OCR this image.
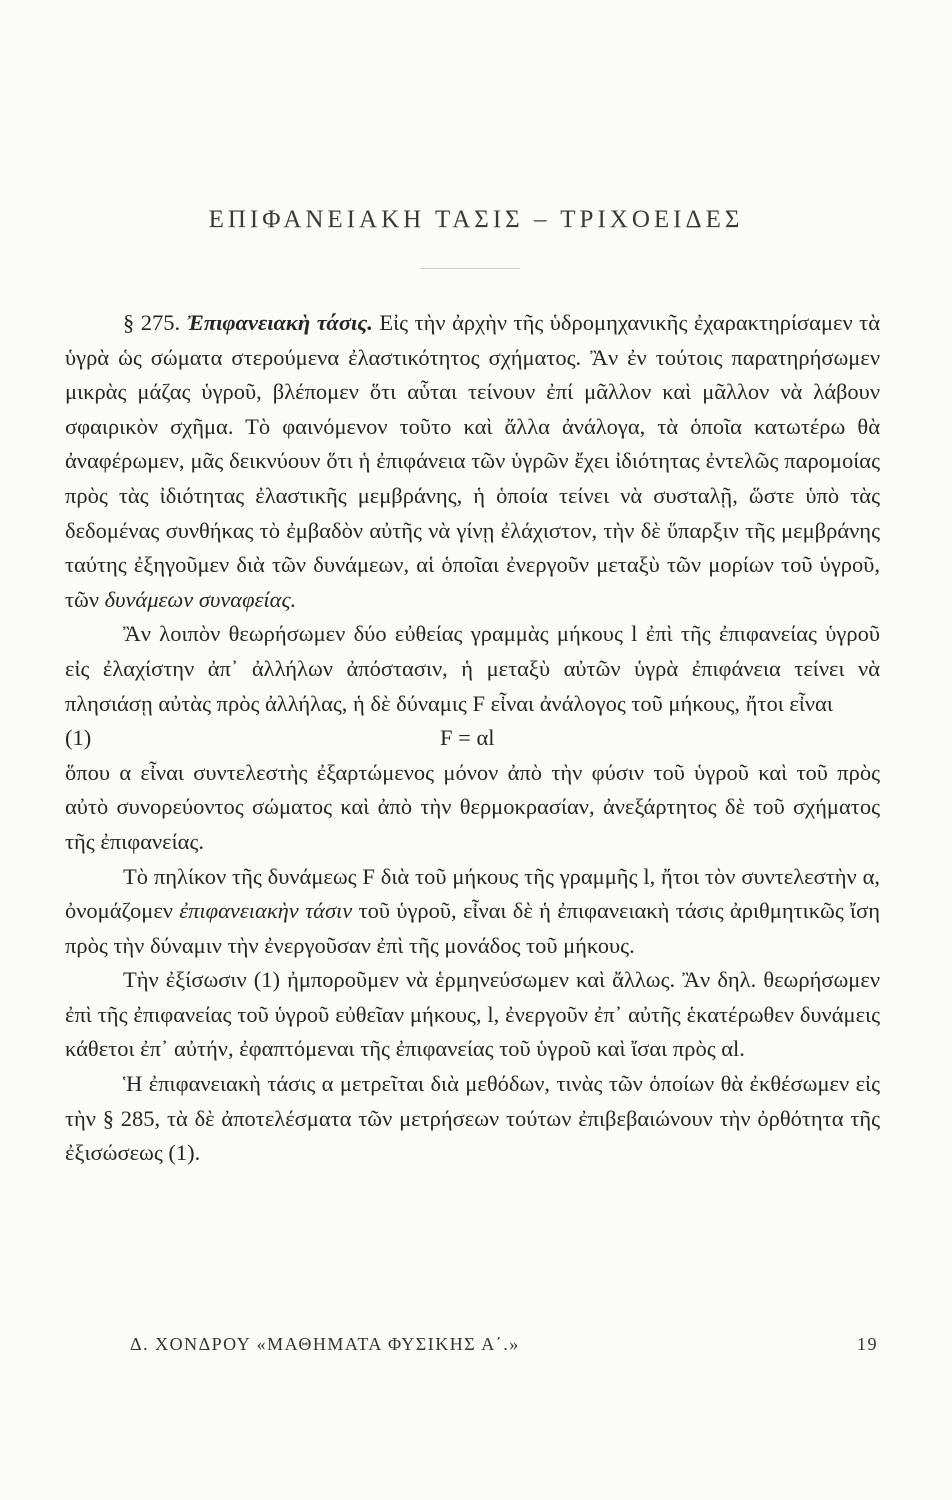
ΕΠΙΦΑΝΕΙΑΚΗ ΤΑΣΙΣ – ΤΡΙΧΟΕΙΔΕΣ

§ 275. Ἐπιφανειακὴ τάσις. Εἰς τὴν ἀρχὴν τῆς ὑδρομηχανικῆς ἐχαρακτηρίσαμεν τὰ ὑγρὰ ὡς σώματα στερούμενα ἐλαστικότητος σχήματος. Ἂν ἐν τούτοις παρατηρήσωμεν μικρὰς μάζας ὑγροῦ, βλέπομεν ὅτι αὗται τείνουν ἐπί μᾶλλον καὶ μᾶλλον νὰ λάβουν σφαιρικὸν σχῆμα. Τὸ φαινόμενον τοῦτο καὶ ἄλλα ἀνάλογα, τὰ ὁποῖα κατωτέρω θὰ ἀναφέρωμεν, μᾶς δεικνύουν ὅτι ἡ ἐπιφάνεια τῶν ὑγρῶν ἔχει ἰδιότητας ἐντελῶς παρομοίας πρὸς τὰς ἰδιότητας ἐλαστικῆς μεμβράνης, ἡ ὁποία τείνει νὰ συσταλῇ, ὥστε ὑπὸ τὰς δεδομένας συνθήκας τὸ ἐμβαδὸν αὐτῆς νὰ γίνῃ ἐλάχιστον, τὴν δὲ ὕπαρξιν τῆς μεμβράνης ταύτης ἐξηγοῦμεν διὰ τῶν δυνάμεων, αἱ ὁποῖαι ἐνεργοῦν μεταξὺ τῶν μορίων τοῦ ὑγροῦ, τῶν δυνάμεων συναφείας.

Ἂν λοιπὸν θεωρήσωμεν δύο εὐθείας γραμμὰς μήκους l ἐπὶ τῆς ἐπιφανείας ὑγροῦ εἰς ἐλαχίστην ἀπ᾽ ἀλλήλων ἀπόστασιν, ἡ μεταξὺ αὐτῶν ὑγρὰ ἐπιφάνεια τείνει νὰ πλησιάσῃ αὐτὰς πρὸς ἀλλήλας, ἡ δὲ δύναμις F εἶναι ἀνάλογος τοῦ μήκους, ἤτοι εἶναι

(1)	F = αl

ὅπου α εἶναι συντελεστὴς ἐξαρτώμενος μόνον ἀπὸ τὴν φύσιν τοῦ ὑγροῦ καὶ τοῦ πρὸς αὐτὸ συνορεύοντος σώματος καὶ ἀπὸ τὴν θερμοκρασίαν, ἀνεξάρτητος δὲ τοῦ σχήματος τῆς ἐπιφανείας.

Τὸ πηλίκον τῆς δυνάμεως F διὰ τοῦ μήκους τῆς γραμμῆς l, ἤτοι τὸν συντελεστὴν α, ὀνομάζομεν ἐπιφανειακὴν τάσιν τοῦ ὑγροῦ, εἶναι δὲ ἡ ἐπιφανειακὴ τάσις ἀριθμητικῶς ἴση πρὸς τὴν δύναμιν τὴν ἐνεργοῦσαν ἐπὶ τῆς μονάδος τοῦ μήκους.

Τὴν ἐξίσωσιν (1) ἠμποροῦμεν νὰ ἑρμηνεύσωμεν καὶ ἄλλως. Ἂν δηλ. θεωρήσωμεν ἐπὶ τῆς ἐπιφανείας τοῦ ὑγροῦ εὐθεῖαν μήκους, l, ἐνεργοῦν ἐπ᾽ αὐτῆς ἑκατέρωθεν δυνάμεις κάθετοι ἐπ᾽ αὐτήν, ἐφαπτόμεναι τῆς ἐπιφανείας τοῦ ὑγροῦ καὶ ἴσαι πρὸς αl.

Ἡ ἐπιφανειακὴ τάσις α μετρεῖται διὰ μεθόδων, τινὰς τῶν ὁποίων θὰ ἐκθέσωμεν εἰς τὴν § 285, τὰ δὲ ἀποτελέσματα τῶν μετρήσεων τούτων ἐπιβεβαιώνουν τὴν ὀρθότητα τῆς ἐξισώσεως (1).

Δ. ΧΟΝΔΡΟΥ «ΜΑΘΗΜΑΤΑ ΦΥΣΙΚΗΣ Α΄.»	19
